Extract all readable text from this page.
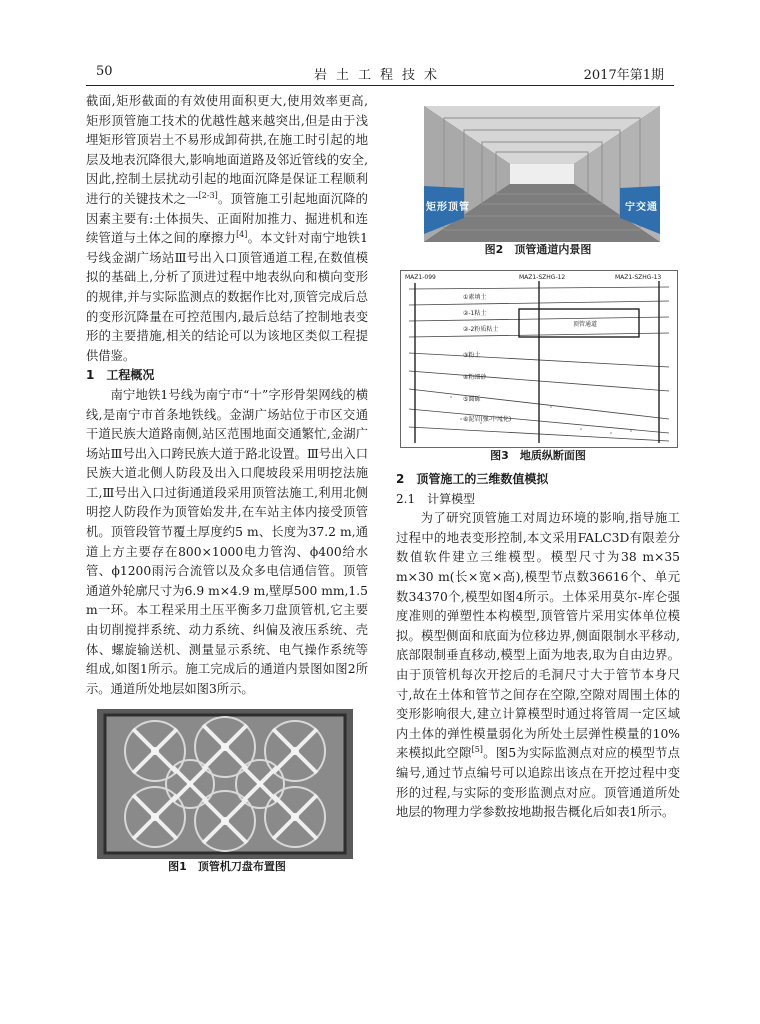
50	岩土工程技术	2017年第1期

截面,矩形截面的有效使用面积更大,使用效率更高,矩形顶管施工技术的优越性越来越突出,但是由于浅埋矩形管顶岩土不易形成卸荷拱,在施工时引起的地层及地表沉降很大,影响地面道路及邻近管线的安全,因此,控制土层扰动引起的地面沉降是保证工程顺利进行的关键技术之一[2-3]。顶管施工引起地面沉降的因素主要有:土体损失、正面附加推力、掘进机和连续管道与土体之间的摩擦力[4]。本文针对南宁地铁1号线金湖广场站Ⅲ号出入口顶管通道工程,在数值模拟的基础上,分析了顶进过程中地表纵向和横向变形的规律,并与实际监测点的数据作比对,顶管完成后总的变形沉降量在可控范围内,最后总结了控制地表变形的主要措施,相关的结论可以为该地区类似工程提供借鉴。

1　工程概况

南宁地铁1号线为南宁市“十”字形骨架网线的横线,是南宁市首条地铁线。金湖广场站位于市区交通干道民族大道路南侧,站区范围地面交通繁忙,金湖广场站Ⅲ号出入口跨民族大道于路北设置。Ⅲ号出入口民族大道北侧人防段及出入口爬坡段采用明挖法施工,Ⅲ号出入口过街通道段采用顶管法施工,利用北侧明挖人防段作为顶管始发井,在车站主体内接受顶管机。顶管段管节覆土厚度约5 m、长度为37.2 m,通道上方主要存在800×1000电力管沟、ϕ400给水管、ϕ1200雨污合流管以及众多电信通信管。顶管通道外轮廓尺寸为6.9 m×4.9 m,壁厚500 mm,1.5 m一环。本工程采用土压平衡多刀盘顶管机,它主要由切削搅拌系统、动力系统、纠偏及液压系统、壳体、螺旋输送机、测量显示系统、电气操作系统等组成,如图1所示。施工完成后的通道内景图如图2所示。通道所处地层如图3所示。

图1　顶管机刀盘布置图

矩形顶管	宁交通

图2　顶管通道内景图

MAZ1-099	MAZ1-SZHG-12	MAZ1-SZHG-13
①素填土
②-1粘土
②-2粉质粘土
③粉土
④粉细砂
⑤圆砾
⑥泥岩(强-中风化)
顶管通道

图3　地质纵断面图

2　顶管施工的三维数值模拟

2.1　计算模型

为了研究顶管施工对周边环境的影响,指导施工过程中的地表变形控制,本文采用FALC3D有限差分数值软件建立三维模型。模型尺寸为38 m×35 m×30 m(长×宽×高),模型节点数36616个、单元数34370个,模型如图4所示。土体采用莫尔-库仑强度准则的弹塑性本构模型,顶管管片采用实体单位模拟。模型侧面和底面为位移边界,侧面限制水平移动,底部限制垂直移动,模型上面为地表,取为自由边界。由于顶管机每次开挖后的毛洞尺寸大于管节本身尺寸,故在土体和管节之间存在空隙,空隙对周围土体的变形影响很大,建立计算模型时通过将管周一定区域内土体的弹性模量弱化为所处土层弹性模量的10%来模拟此空隙[5]。图5为实际监测点对应的模型节点编号,通过节点编号可以追踪出该点在开挖过程中变形的过程,与实际的变形监测点对应。顶管通道所处地层的物理力学参数按地勘报告概化后如表1所示。
